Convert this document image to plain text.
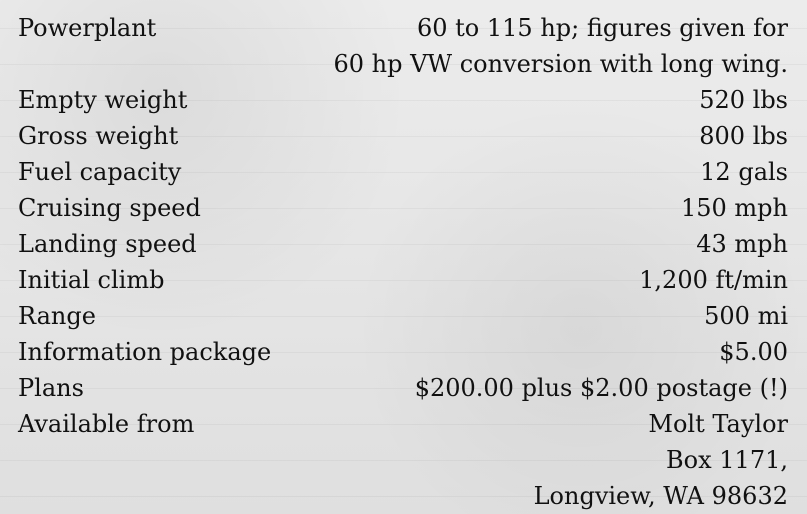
Powerplant	60 to 115 hp; figures given for
60 hp VW conversion with long wing.

Empty weight	520 lbs
Gross weight	800 lbs
Fuel capacity	12 gals
Cruising speed	150 mph
Landing speed	43 mph
Initial climb	1,200 ft/min
Range	500 mi
Information package	$5.00
Plans	$200.00 plus $2.00 postage (!)
Available from	Molt Taylor
Box 1171,
Longview, WA 98632
